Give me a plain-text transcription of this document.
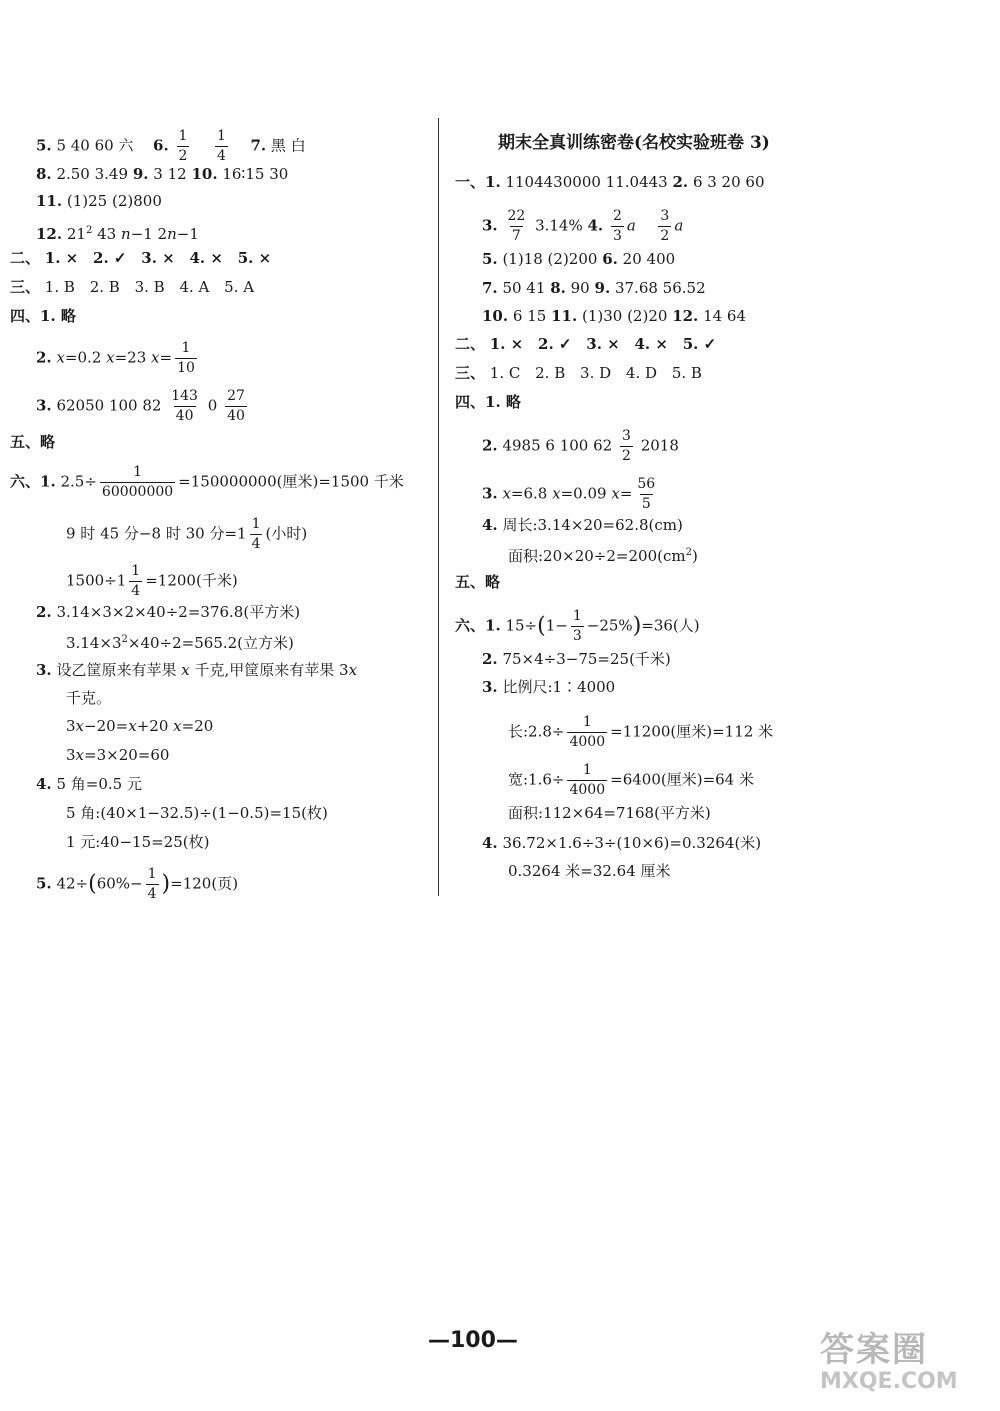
5. 5 40 60 六 6. $\frac{1}{2}$
$\frac{1}{4} 7$. 黑 白
8. 2.50 3.49 9. 3 12 10. 16∶15 30
11. (1)25 (2)800
12. $21^2$ 43 n−1 2n−1
二、 1. × 2. ✓ 3. × 4. × 5. ×
三、 1. B 2. B 3. B 4. A 5. A
四、1. 略
2. x=0.2 x=23 $x= \frac{1}{10}$
3. 62050 100 $82 \frac{143}{40} 0 \frac{27}{40}$
五、略
六、1. $2.5\div \frac{1}{60000000} =150000000$(厘米)=1500 千米
9 时 45 分−8 时 30 分$=1 \frac{1}{4}$ (小时)
$1500\div 1 \frac{1}{4} =1200$(千米)
2. 3.14×3×2×40÷2=376.8(平方米)
$3.14\times 3^2\times 40\div 2=565.2$(立方米)
3. 设乙筐原来有苹果 x 千克,甲筐原来有苹果 3x
千克。
3x−20=x+20 x=20
3x=3×20=60
4. 5 角=0.5 元
5 角:(40×1−32.5)÷(1−0.5)=15(枚)
1 元:40−15=25(枚)
5. $42\div(60\%- \frac{1}{4} )=120$(页)
期末全真训练密卷(名校实验班卷 3)
一、1. 1104430000 11.0443 2. 6 3 20 60
3. $\frac{22}{7} 3.14\%$ 4. $\frac{2}{3}$ a $\frac{3}{2}$ a
5. (1)18 (2)200 6. 20 400
7. 50 41 8. 90 9. 37.68 56.52
10. 6 15 11. (1)30 (2)20 12. 14 64
二、 1. × 2. ✓ 3. × 4. × 5. ✓
三、 1. C 2. B 3. D 4. D 5. B
四、1. 略
2. 4985 6 100 $62 \frac{3}{2} 2018$
3. x=6.8 x=0.09 $x= \frac{56}{5}$
4. 周长:3.14×20=62.8(cm)
面积$:20\times 20\div 2=200(cm^2)$
五、略
六、1. $15\div(1- \frac{1}{3} -25\%)=36$(人)
2. 75×4÷3−75=25(千米)
3. 比例尺:1∶4000
长:2.8÷ $\frac{1}{4000} =11200$(厘米)=112 米
宽:1.6÷ $\frac{1}{4000} =6400$(厘米)=64 米
面积:112×64=7168(平方米)
4. 36.72×1.6÷3÷(10×6)=0.3264(米)
0.3264 米=32.64 厘米
—100—	答案圈
MXQE.COM
